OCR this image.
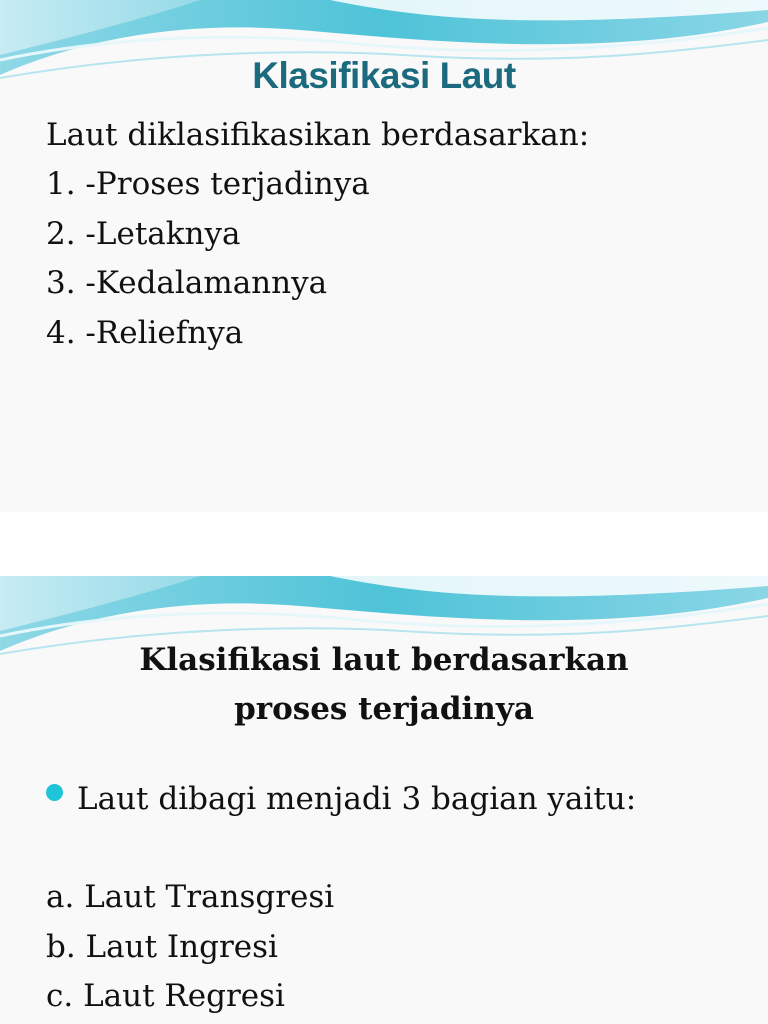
Klasifikasi Laut
Laut diklasifikasikan berdasarkan:
1. -Proses terjadinya
2. -Letaknya
3. -Kedalamannya
4. -Reliefnya
Klasifikasi laut berdasarkan
proses terjadinya
Laut dibagi menjadi 3 bagian yaitu:
a. Laut Transgresi
b. Laut Ingresi
c. Laut Regresi
